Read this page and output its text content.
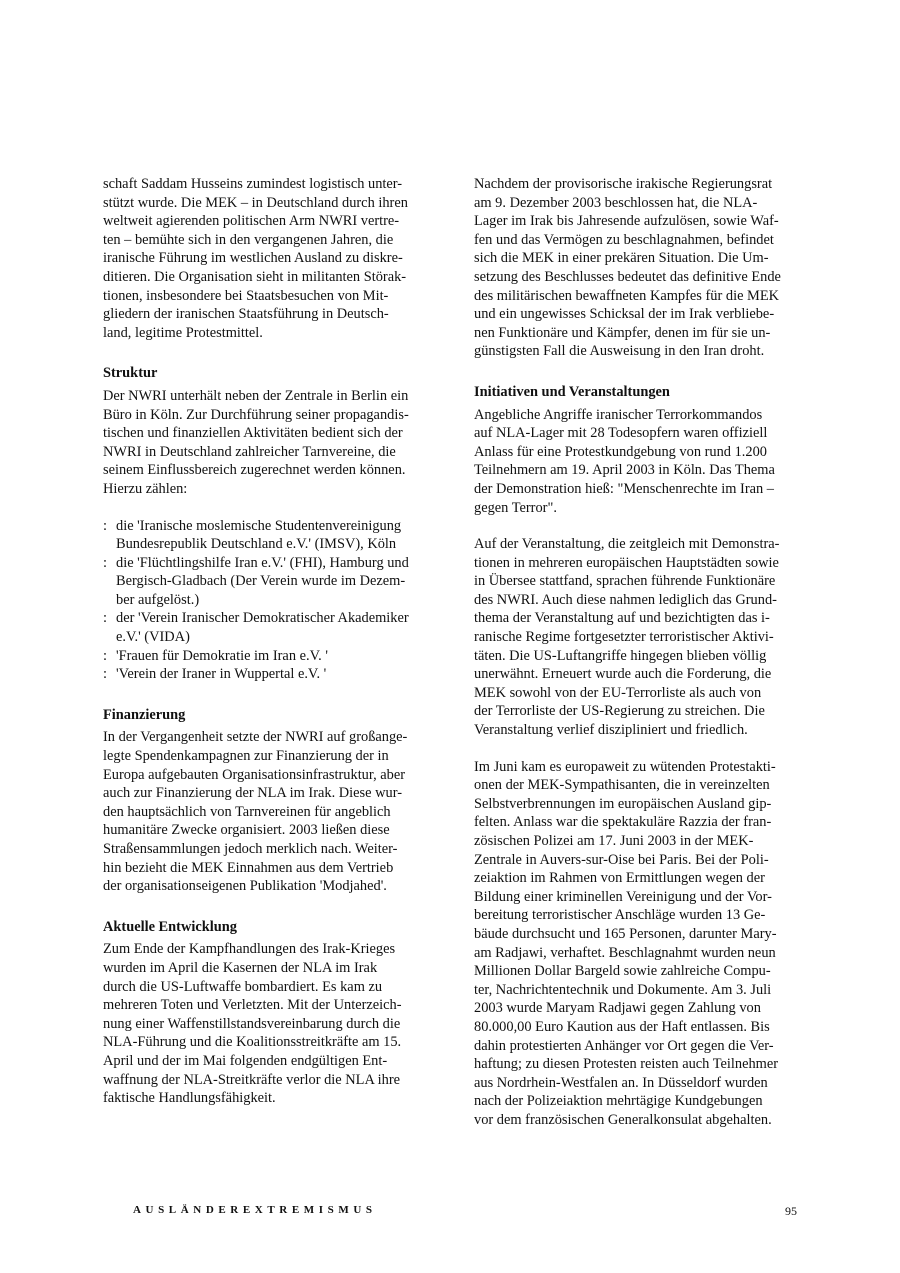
schaft Saddam Husseins zumindest logistisch unter-
stützt wurde. Die MEK – in Deutschland durch ihren
weltweit agierenden politischen Arm NWRI vertre-
ten – bemühte sich in den vergangenen Jahren, die
iranische Führung im westlichen Ausland zu diskre-
ditieren. Die Organisation sieht in militanten Störak-
tionen, insbesondere bei Staatsbesuchen von Mit-
gliedern der iranischen Staatsführung in Deutsch-
land, legitime Protestmittel.

Struktur

Der NWRI unterhält neben der Zentrale in Berlin ein
Büro in Köln. Zur Durchführung seiner propagandis-
tischen und finanziellen Aktivitäten bedient sich der
NWRI in Deutschland zahlreicher Tarnvereine, die
seinem Einflussbereich zugerechnet werden können.
Hierzu zählen:

: die 'Iranische moslemische Studentenvereinigung
Bundesrepublik Deutschland e.V.' (IMSV), Köln
: die 'Flüchtlingshilfe Iran e.V.' (FHI), Hamburg und
Bergisch-Gladbach (Der Verein wurde im Dezem-
ber aufgelöst.)
: der 'Verein Iranischer Demokratischer Akademiker
e.V.' (VIDA)
: 'Frauen für Demokratie im Iran e.V. '
: 'Verein der Iraner in Wuppertal e.V. '
Finanzierung

In der Vergangenheit setzte der NWRI auf großange-
legte Spendenkampagnen zur Finanzierung der in
Europa aufgebauten Organisationsinfrastruktur, aber
auch zur Finanzierung der NLA im Irak. Diese wur-
den hauptsächlich von Tarnvereinen für angeblich
humanitäre Zwecke organisiert. 2003 ließen diese
Straßensammlungen jedoch merklich nach. Weiter-
hin bezieht die MEK Einnahmen aus dem Vertrieb
der organisationseigenen Publikation 'Modjahed'.

Aktuelle Entwicklung

Zum Ende der Kampfhandlungen des Irak-Krieges
wurden im April die Kasernen der NLA im Irak
durch die US-Luftwaffe bombardiert. Es kam zu
mehreren Toten und Verletzten. Mit der Unterzeich-
nung einer Waffenstillstandsvereinbarung durch die
NLA-Führung und die Koalitionsstreitkräfte am 15.
April und der im Mai folgenden endgültigen Ent-
waffnung der NLA-Streitkräfte verlor die NLA ihre
faktische Handlungsfähigkeit.

Nachdem der provisorische irakische Regierungsrat
am 9. Dezember 2003 beschlossen hat, die NLA-
Lager im Irak bis Jahresende aufzulösen, sowie Waf-
fen und das Vermögen zu beschlagnahmen, befindet
sich die MEK in einer prekären Situation. Die Um-
setzung des Beschlusses bedeutet das definitive Ende
des militärischen bewaffneten Kampfes für die MEK
und ein ungewisses Schicksal der im Irak verbliebe-
nen Funktionäre und Kämpfer, denen im für sie un-
günstigsten Fall die Ausweisung in den Iran droht.

Initiativen und Veranstaltungen

Angebliche Angriffe iranischer Terrorkommandos
auf NLA-Lager mit 28 Todesopfern waren offiziell
Anlass für eine Protestkundgebung von rund 1.200
Teilnehmern am 19. April 2003 in Köln. Das Thema
der Demonstration hieß: "Menschenrechte im Iran –
gegen Terror".

Auf der Veranstaltung, die zeitgleich mit Demonstra-
tionen in mehreren europäischen Hauptstädten sowie
in Übersee stattfand, sprachen führende Funktionäre
des NWRI. Auch diese nahmen lediglich das Grund-
thema der Veranstaltung auf und bezichtigten das i-
ranische Regime fortgesetzter terroristischer Aktivi-
täten. Die US-Luftangriffe hingegen blieben völlig
unerwähnt. Erneuert wurde auch die Forderung, die
MEK sowohl von der EU-Terrorliste als auch von
der Terrorliste der US-Regierung zu streichen. Die
Veranstaltung verlief diszipliniert und friedlich.

Im Juni kam es europaweit zu wütenden Protestakti-
onen der MEK-Sympathisanten, die in vereinzelten
Selbstverbrennungen im europäischen Ausland gip-
felten. Anlass war die spektakuläre Razzia der fran-
zösischen Polizei am 17. Juni 2003 in der MEK-
Zentrale in Auvers-sur-Oise bei Paris. Bei der Poli-
zeiaktion im Rahmen von Ermittlungen wegen der
Bildung einer kriminellen Vereinigung und der Vor-
bereitung terroristischer Anschläge wurden 13 Ge-
bäude durchsucht und 165 Personen, darunter Mary-
am Radjawi, verhaftet. Beschlagnahmt wurden neun
Millionen Dollar Bargeld sowie zahlreiche Compu-
ter, Nachrichtentechnik und Dokumente. Am 3. Juli
2003 wurde Maryam Radjawi gegen Zahlung von
80.000,00 Euro Kaution aus der Haft entlassen. Bis
dahin protestierten Anhänger vor Ort gegen die Ver-
haftung; zu diesen Protesten reisten auch Teilnehmer
aus Nordrhein-Westfalen an. In Düsseldorf wurden
nach der Polizeiaktion mehrtägige Kundgebungen
vor dem französischen Generalkonsulat abgehalten.

AUSLÄNDEREXTREMISMUS	95
